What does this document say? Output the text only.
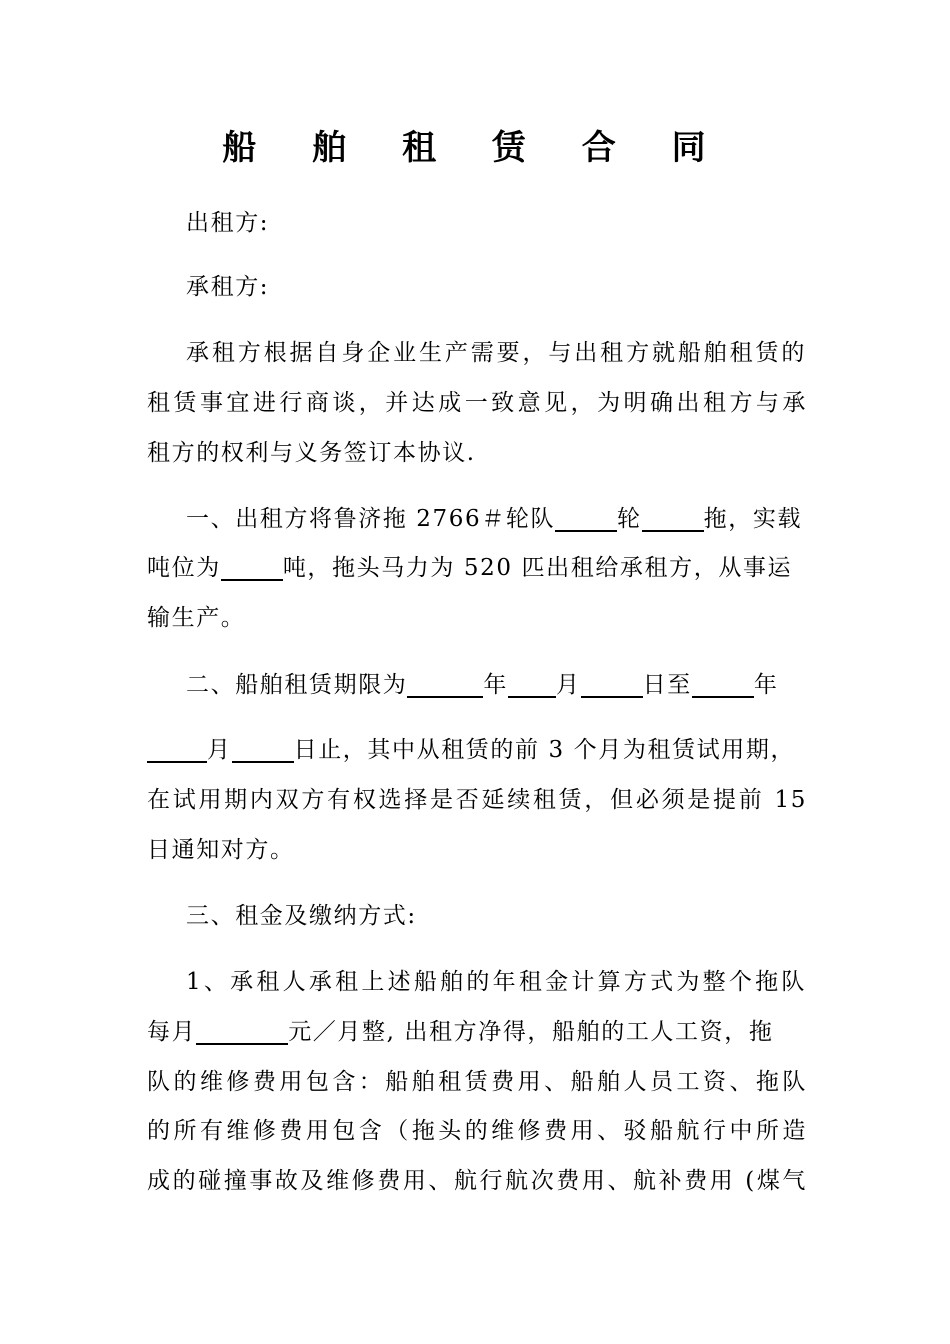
船 舶 租 赁 合 同
出租方:
承租方:
承租方根据自身企业生产需要，与出租方就船舶租赁的
租赁事宜进行商谈，并达成一致意见，为明确出租方与承
租方的权利与义务签订本协议.
一、出租方将鲁济拖 2766＃轮队	轮	拖，实载
吨位为	吨，拖头马力为 520 匹出租给承租方，从事运
输生产。
二、船舶租赁期限为	年 月	日至	年
月	日止，其中从租赁的前 3 个月为租赁试用期，
在试用期内双方有权选择是否延续租赁，但必须是提前 15
日通知对方。
三、租金及缴纳方式:
1、承租人承租上述船舶的年租金计算方式为整个拖队
每月	元／月整, 出租方净得，船舶的工人工资，拖
队的维修费用包含：船舶租赁费用、船舶人员工资、拖队
的所有维修费用包含（拖头的维修费用、驳船航行中所造
成的碰撞事故及维修费用、航行航次费用、航补费用 (煤气
